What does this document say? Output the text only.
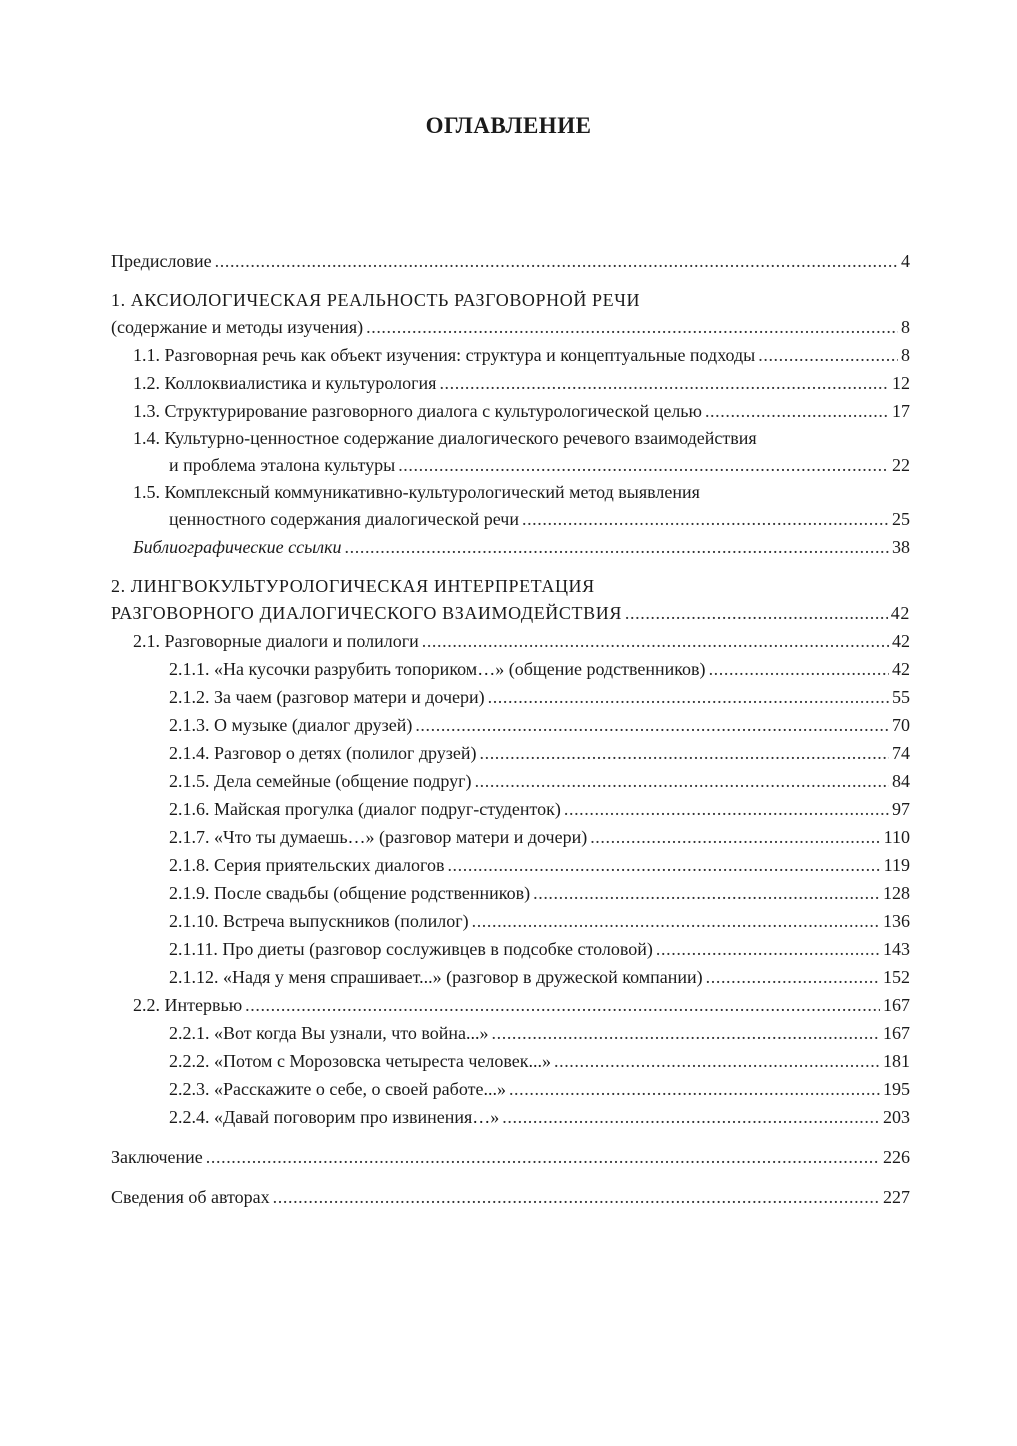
ОГЛАВЛЕНИЕ
Предисловие .....	4
1. АКСИОЛОГИЧЕСКАЯ РЕАЛЬНОСТЬ РАЗГОВОРНОЙ РЕЧИ
(содержание и методы изучения) .....	8
1.1. Разговорная речь как объект изучения: структура и концептуальные подходы .....	8
1.2. Коллоквиалистика и культурология .....	12
1.3. Структурирование разговорного диалога с культурологической целью .....	17
1.4. Культурно-ценностное содержание диалогического речевого взаимодействия
и проблема эталона культуры .....	22
1.5. Комплексный коммуникативно-культурологический метод выявления
ценностного содержания диалогической речи .....	25
Библиографические ссылки .....	38
2. ЛИНГВОКУЛЬТУРОЛОГИЧЕСКАЯ ИНТЕРПРЕТАЦИЯ
РАЗГОВОРНОГО ДИАЛОГИЧЕСКОГО ВЗАИМОДЕЙСТВИЯ .....	42
2.1. Разговорные диалоги и полилоги .....	42
2.1.1. «На кусочки разрубить топориком…» (общение родственников) .....	42
2.1.2. За чаем (разговор матери и дочери) .....	55
2.1.3. О музыке (диалог друзей) .....	70
2.1.4. Разговор о детях (полилог друзей) .....	74
2.1.5. Дела семейные (общение подруг) .....	84
2.1.6. Майская прогулка (диалог подруг-студенток) .....	97
2.1.7. «Что ты думаешь…» (разговор матери и дочери) .....	110
2.1.8. Серия приятельских диалогов .....	119
2.1.9. После свадьбы (общение родственников) .....	128
2.1.10. Встреча выпускников (полилог) .....	136
2.1.11. Про диеты (разговор сослуживцев в подсобке столовой) .....	143
2.1.12. «Надя у меня спрашивает...» (разговор в дружеской компании) .....	152
2.2. Интервью .....	167
2.2.1. «Вот когда Вы узнали, что война...» .....	167
2.2.2. «Потом с Морозовска четыреста человек...» .....	181
2.2.3. «Расскажите о себе, о своей работе...» .....	195
2.2.4. «Давай поговорим про извинения…» .....	203
Заключение .....	226
Сведения об авторах .....	227
